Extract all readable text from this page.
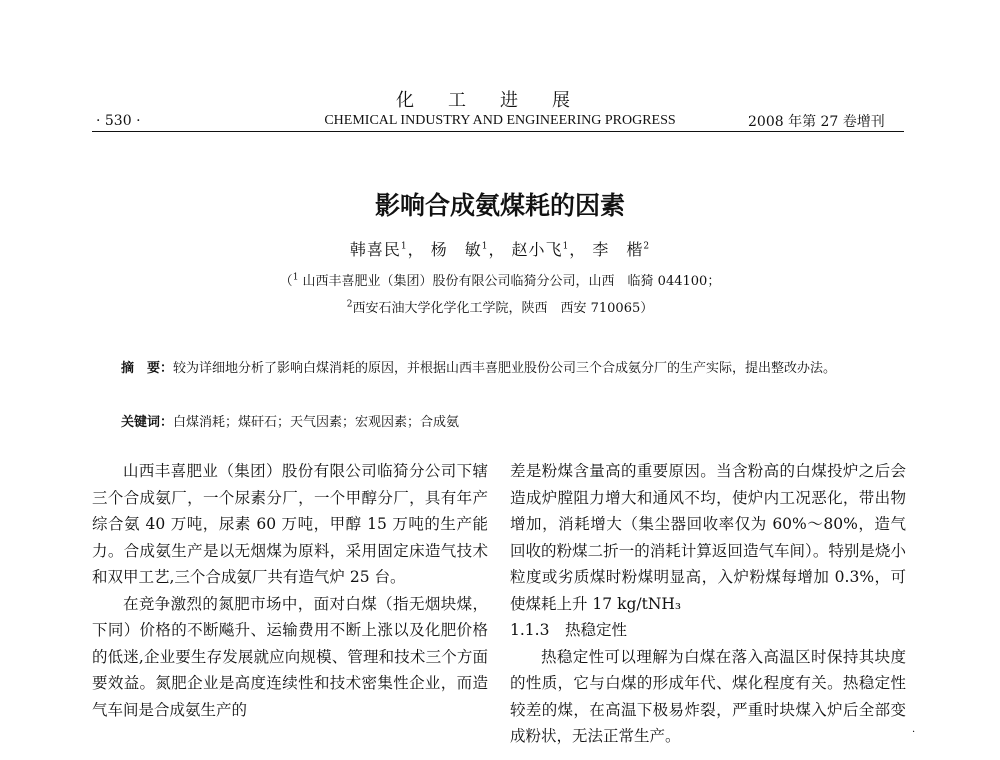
化工进展
· 530 ·	CHEMICAL INDUSTRY AND ENGINEERING PROGRESS	2008 年第 27 卷增刊
影响合成氨煤耗的因素
韩喜民$^1$， 杨　敏$^1$， 赵小飞$^1$， 李　楷$^2$
（$^1$ 山西丰喜肥业（集团）股份有限公司临猗分公司，山西　临猗 044100；
$^2$西安石油大学化学化工学院，陕西　西安 710065）
摘　要：较为详细地分析了影响白煤消耗的原因，并根据山西丰喜肥业股份公司三个合成氨分厂的生产实际，提出整改办法。
关键词：白煤消耗；煤矸石；天气因素；宏观因素；合成氨

山西丰喜肥业（集团）股份有限公司临猗分公司下辖三个合成氨厂，一个尿素分厂，一个甲醇分厂，具有年产综合氨 40 万吨，尿素 60 万吨，甲醇 15 万吨的生产能力。合成氨生产是以无烟煤为原料，采用固定床造气技术和双甲工艺,三个合成氨厂共有造气炉 25 台。

在竞争激烈的氮肥市场中，面对白煤（指无烟块煤，下同）价格的不断飚升、运输费用不断上涨以及化肥价格的低迷,企业要生存发展就应向规模、管理和技术三个方面要效益。氮肥企业是高度连续性和技术密集性企业，而造气车间是合成氨生产的

差是粉煤含量高的重要原因。当含粉高的白煤投炉之后会造成炉膛阻力增大和通风不均，使炉内工况恶化，带出物增加，消耗增大（集尘器回收率仅为 60%～80%，造气回收的粉煤二折一的消耗计算返回造气车间）。特别是烧小粒度或劣质煤时粉煤明显高，入炉粉煤每增加 0.3%，可使煤耗上升 17 kg/tNH₃

1.1.3　热稳定性

热稳定性可以理解为白煤在落入高温区时保持其块度的性质，它与白煤的形成年代、煤化程度有关。热稳定性较差的煤，在高温下极易炸裂，严重时块煤入炉后全部变成粉状，无法正常生产。	·
